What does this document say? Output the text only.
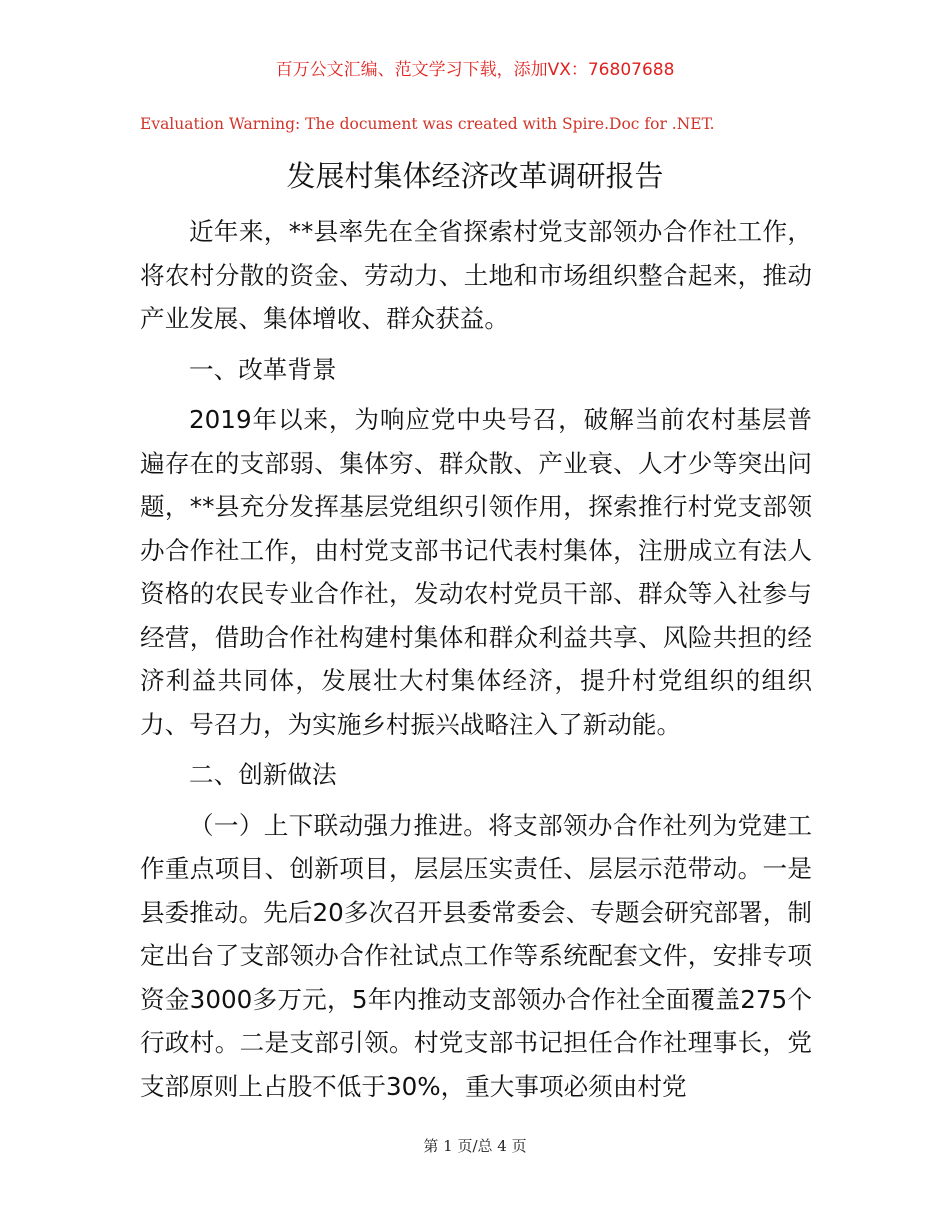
百万公文汇编、范文学习下载，添加VX：76807688
Evaluation Warning: The document was created with Spire.Doc for .NET.
发展村集体经济改革调研报告

近年来，**县率先在全省探索村党支部领办合作社工作，将农村分散的资金、劳动力、土地和市场组织整合起来，推动产业发展、集体增收、群众获益。

一、改革背景

2019年以来，为响应党中央号召，破解当前农村基层普遍存在的支部弱、集体穷、群众散、产业衰、人才少等突出问题，**县充分发挥基层党组织引领作用，探索推行村党支部领办合作社工作，由村党支部书记代表村集体，注册成立有法人资格的农民专业合作社，发动农村党员干部、群众等入社参与经营，借助合作社构建村集体和群众利益共享、风险共担的经济利益共同体，发展壮大村集体经济，提升村党组织的组织力、号召力，为实施乡村振兴战略注入了新动能。

二、创新做法

（一）上下联动强力推进。将支部领办合作社列为党建工作重点项目、创新项目，层层压实责任、层层示范带动。一是县委推动。先后20多次召开县委常委会、专题会研究部署，制定出台了支部领办合作社试点工作等系统配套文件，安排专项资金3000多万元，5年内推动支部领办合作社全面覆盖275个行政村。二是支部引领。村党支部书记担任合作社理事长，党支部原则上占股不低于30%，重大事项必须由村党

第 1 页/总 4 页
